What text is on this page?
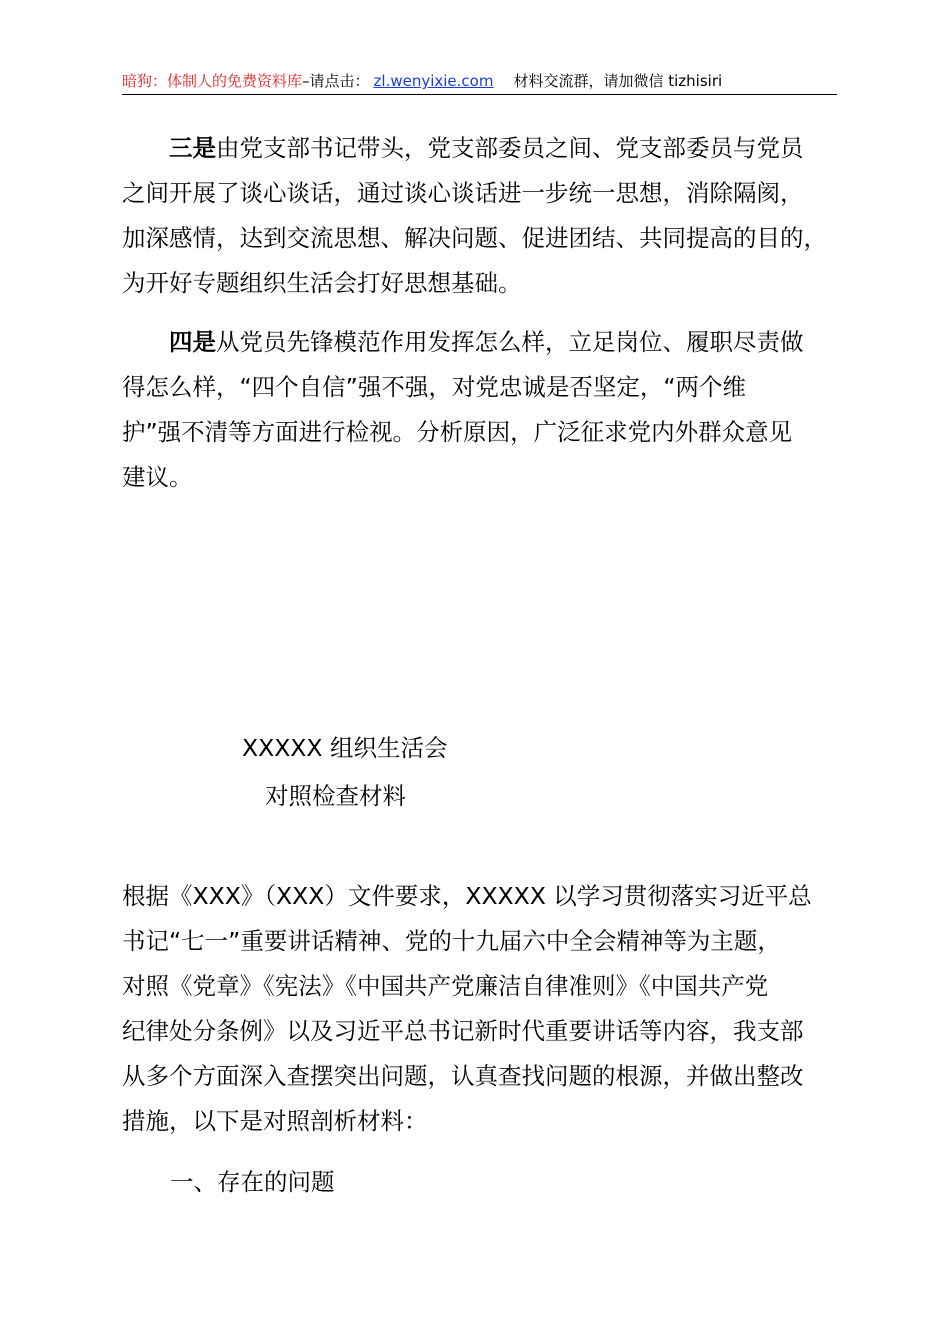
暗狗：体制人的免费资料库–请点击： zl.wenyixie.com 材料交流群，请加微信 tizhisiri
三是由党支部书记带头，党支部委员之间、党支部委员与党员
之间开展了谈心谈话，通过谈心谈话进一步统一思想，消除隔阂，
加深感情，达到交流思想、解决问题、促进团结、共同提高的目的，
为开好专题组织生活会打好思想基础。
四是从党员先锋模范作用发挥怎么样，立足岗位、履职尽责做
得怎么样，“四个自信”强不强，对党忠诚是否坚定，“两个维
护”强不清等方面进行检视。分析原因，广泛征求党内外群众意见
建议。
XXXXX 组织生活会
对照检查材料
根据《XXX》（XXX）文件要求，XXXXX 以学习贯彻落实习近平总
书记“七一”重要讲话精神、党的十九届六中全会精神等为主题，
对照《党章》《宪法》《中国共产党廉洁自律准则》《中国共产党
纪律处分条例》以及习近平总书记新时代重要讲话等内容，我支部
从多个方面深入查摆突出问题，认真查找问题的根源，并做出整改
措施，以下是对照剖析材料：
一、存在的问题
